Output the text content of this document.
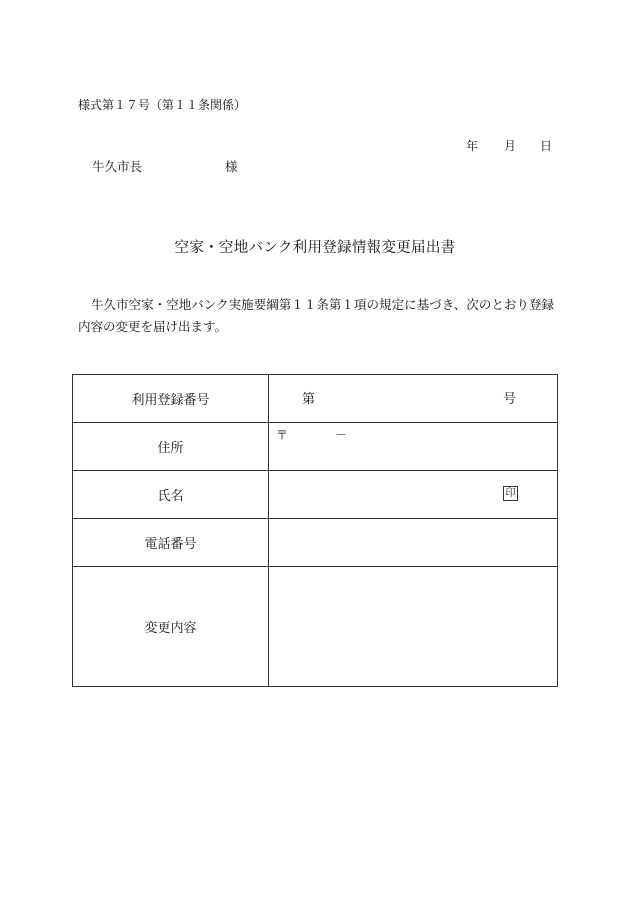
様式第１７号（第１１条関係）
年 月 日
牛久市長	様
空家・空地バンク利用登録情報変更届出書
牛久市空家・空地バンク実施要綱第１１条第１項の規定に基づき、次のとおり登録内容の変更を届け出ます。
利用登録番号	第 号

住所	〒 －

氏名	印

電話番号	
変更内容	
